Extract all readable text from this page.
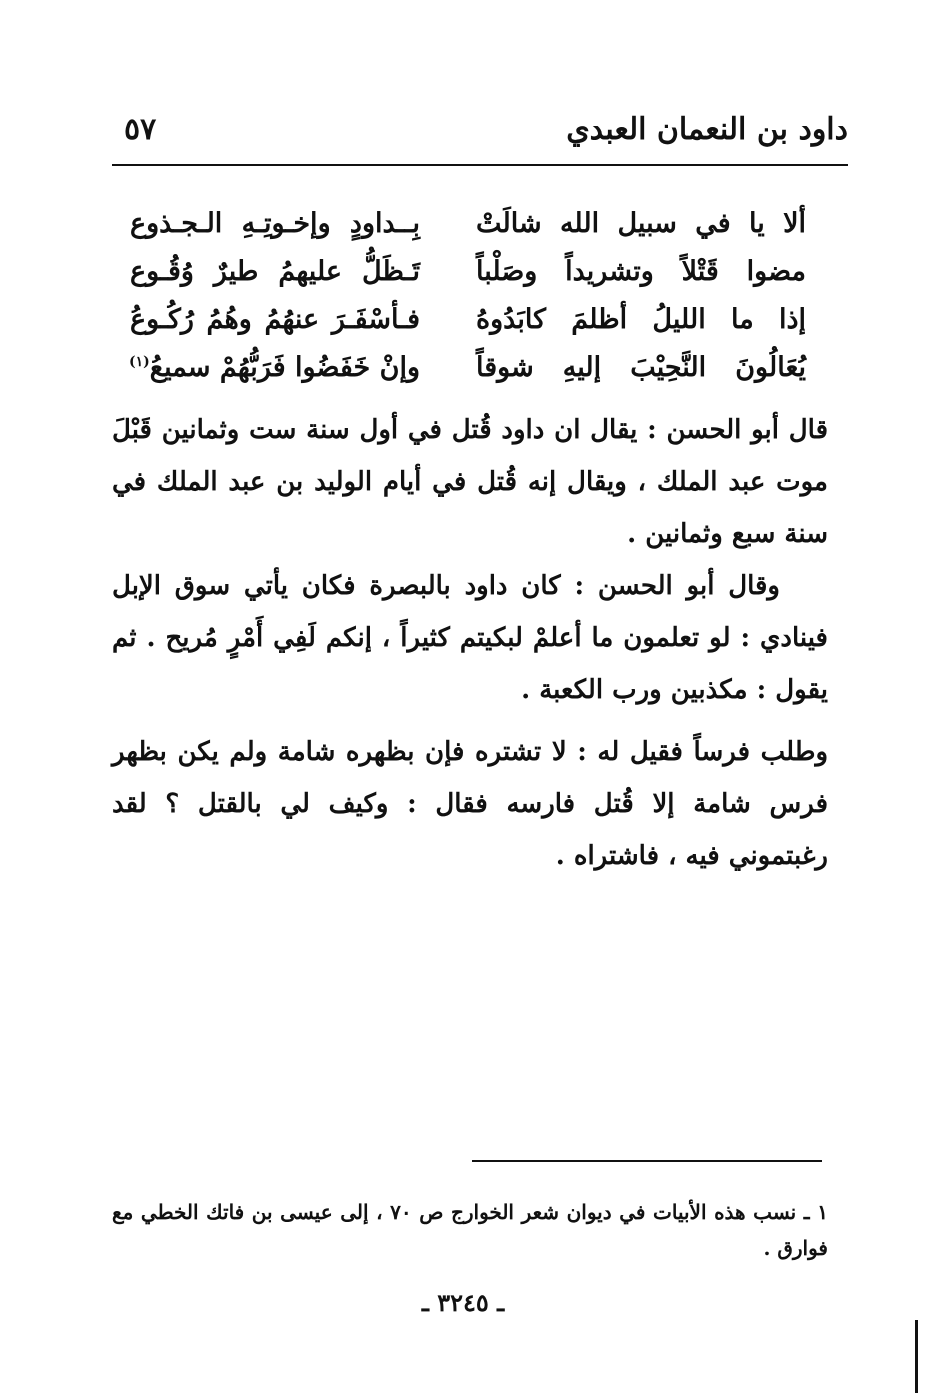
داود بن النعمان العبدي
٥٧
ألا يا في سبيل الله شالَتْ
بِــداودٍ وإخـوتِـهِ الـجـذوع
مضوا قَتْلاً وتشريداً وصَلْباً
تَـظَلُّ عليهمُ طيرٌ وُقُـوع
إذا ما الليلُ أظلمَ كابَدُوهُ
فـأسْفَـرَ عنهُمُ وهُمُ رُكُـوعُ
يُعَالُونَ النَّحِيْبَ إليهِ شوقاً
وإنْ خَفَضُوا فَرَبُّهُمْ سميعُ$^{(١)}$

قال أبو الحسن : يقال ان داود قُتل في أول سنة ست وثمانين قَبْلَ موت عبد الملك ، ويقال إنه قُتل في أيام الوليد بن عبد الملك في سنة سبع وثمانين .

وقال أبو الحسن : كان داود بالبصرة فكان يأتي سوق الإبل فينادي : لو تعلمون ما أعلمْ لبكيتم كثيراً ، إنكم لَفِي أَمْرٍ مُريح . ثم يقول : مكذبين ورب الكعبة .

وطلب فرساً فقيل له : لا تشتره فإن بظهره شامة ولم يكن بظهر فرس شامة إلا قُتل فارسه فقال : وكيف لي بالقتل ؟ لقد رغبتموني فيه ، فاشتراه .

١ ـ نسب هذه الأبيات في ديوان شعر الخوارج ص ٧٠ ، إلى عيسى بن فاتك الخطي مع فوارق .
ـ ٣٢٤٥ ـ
